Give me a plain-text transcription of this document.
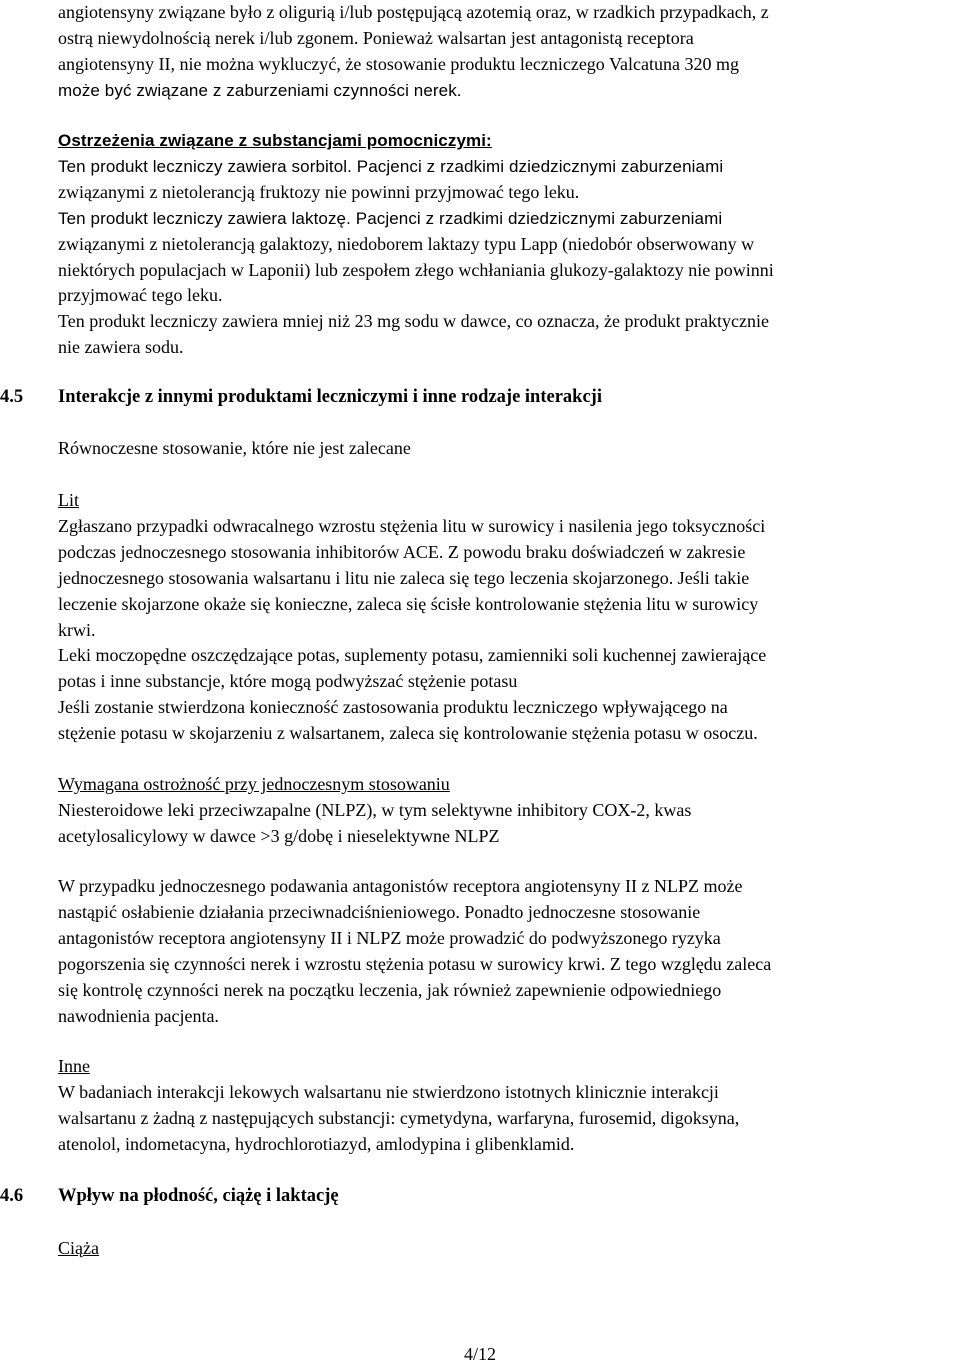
angiotensyny związane było z oligurią i/lub postępującą azotemią oraz, w rzadkich przypadkach, z

ostrą niewydolnością nerek i/lub zgonem. Ponieważ walsartan jest antagonistą receptora

angiotensyny II, nie można wykluczyć, że stosowanie produktu leczniczego Valcatuna 320 mg

może być związane z zaburzeniami czynności nerek.

Ostrzeżenia związane z substancjami pomocniczymi:

Ten produkt leczniczy zawiera sorbitol. Pacjenci z rzadkimi dziedzicznymi zaburzeniami

związanymi z nietolerancją fruktozy nie powinni przyjmować tego leku.

Ten produkt leczniczy zawiera laktozę. Pacjenci z rzadkimi dziedzicznymi zaburzeniami

związanymi z nietolerancją galaktozy, niedoborem laktazy typu Lapp (niedobór obserwowany w

niektórych populacjach w Laponii) lub zespołem złego wchłaniania glukozy-galaktozy nie powinni

przyjmować tego leku.

Ten produkt leczniczy zawiera mniej niż 23 mg sodu w dawce, co oznacza, że produkt praktycznie

nie zawiera sodu.

4.5 Interakcje z innymi produktami leczniczymi i inne rodzaje interakcji

Równoczesne stosowanie, które nie jest zalecane

Lit

Zgłaszano przypadki odwracalnego wzrostu stężenia litu w surowicy i nasilenia jego toksyczności

podczas jednoczesnego stosowania inhibitorów ACE. Z powodu braku doświadczeń w zakresie

jednoczesnego stosowania walsartanu i litu nie zaleca się tego leczenia skojarzonego. Jeśli takie

leczenie skojarzone okaże się konieczne, zaleca się ścisłe kontrolowanie stężenia litu w surowicy

krwi.

Leki moczopędne oszczędzające potas, suplementy potasu, zamienniki soli kuchennej zawierające

potas i inne substancje, które mogą podwyższać stężenie potasu

Jeśli zostanie stwierdzona konieczność zastosowania produktu leczniczego wpływającego na

stężenie potasu w skojarzeniu z walsartanem, zaleca się kontrolowanie stężenia potasu w osoczu.

Wymagana ostrożność przy jednoczesnym stosowaniu

Niesteroidowe leki przeciwzapalne (NLPZ), w tym selektywne inhibitory COX-2, kwas

acetylosalicylowy w dawce >3 g/dobę i nieselektywne NLPZ

W przypadku jednoczesnego podawania antagonistów receptora angiotensyny II z NLPZ może

nastąpić osłabienie działania przeciwnadciśnieniowego. Ponadto jednoczesne stosowanie

antagonistów receptora angiotensyny II i NLPZ może prowadzić do podwyższonego ryzyka

pogorszenia się czynności nerek i wzrostu stężenia potasu w surowicy krwi. Z tego względu zaleca

się kontrolę czynności nerek na początku leczenia, jak również zapewnienie odpowiedniego

nawodnienia pacjenta.

Inne

W badaniach interakcji lekowych walsartanu nie stwierdzono istotnych klinicznie interakcji

walsartanu z żadną z następujących substancji: cymetydyna, warfaryna, furosemid, digoksyna,

atenolol, indometacyna, hydrochlorotiazyd, amlodypina i glibenklamid.

4.6 Wpływ na płodność, ciążę i laktację

Ciąża

4/12
